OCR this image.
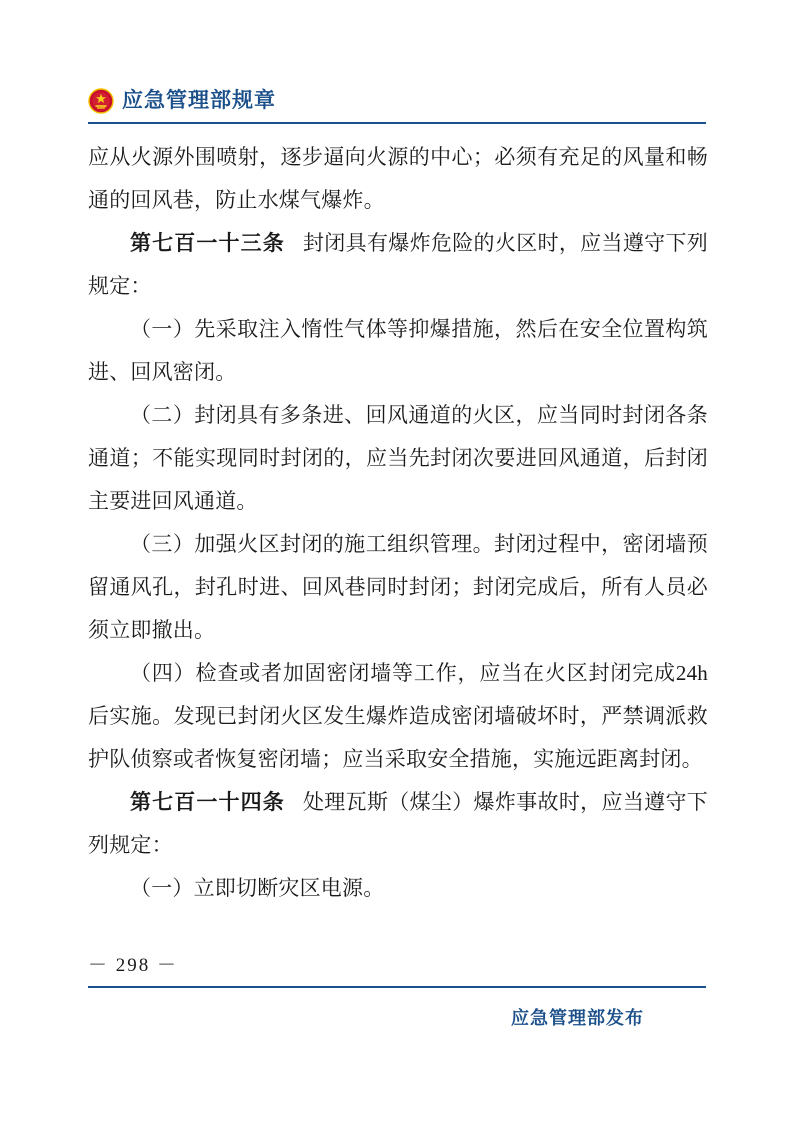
应急管理部规章

应从火源外围喷射，逐步逼向火源的中心；必须有充足的风量和畅通的回风巷，防止水煤气爆炸。

第七百一十三条 封闭具有爆炸危险的火区时，应当遵守下列规定：

（一）先采取注入惰性气体等抑爆措施，然后在安全位置构筑进、回风密闭。

（二）封闭具有多条进、回风通道的火区，应当同时封闭各条通道；不能实现同时封闭的，应当先封闭次要进回风通道，后封闭主要进回风通道。

（三）加强火区封闭的施工组织管理。封闭过程中，密闭墙预留通风孔，封孔时进、回风巷同时封闭；封闭完成后，所有人员必须立即撤出。

（四）检查或者加固密闭墙等工作，应当在火区封闭完成24h后实施。发现已封闭火区发生爆炸造成密闭墙破坏时，严禁调派救护队侦察或者恢复密闭墙；应当采取安全措施，实施远距离封闭。

第七百一十四条 处理瓦斯（煤尘）爆炸事故时，应当遵守下列规定：

（一）立即切断灾区电源。

－ 298 －
应急管理部发布
